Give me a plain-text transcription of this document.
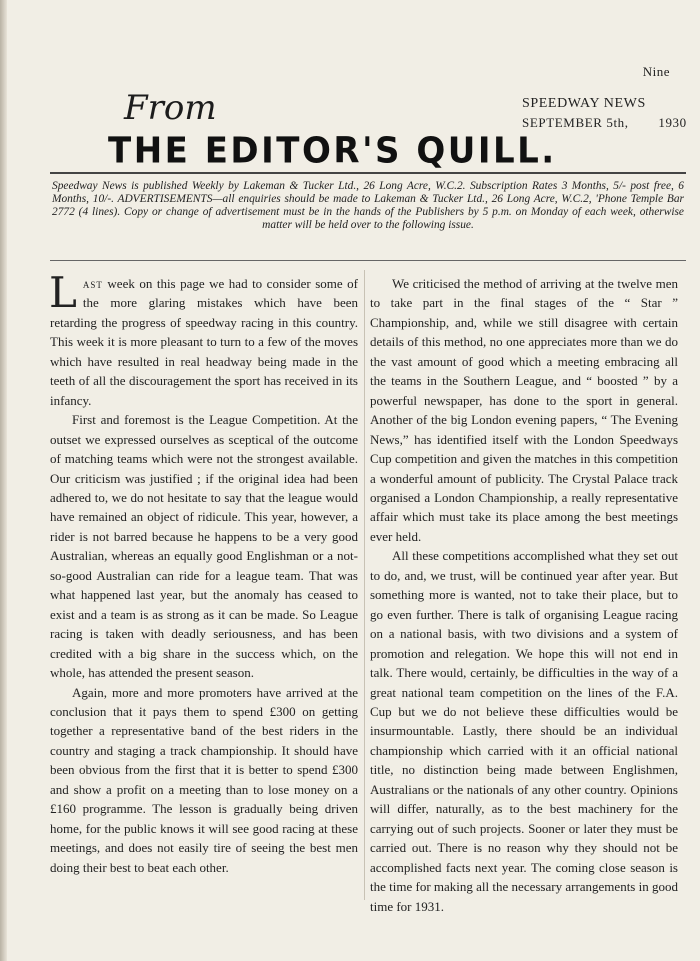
Nine
From	SPEEDWAY NEWS
SEPTEMBER 5th, 1930
THE EDITOR'S QUILL.
Speedway News is published Weekly by Lakeman & Tucker Ltd., 26 Long Acre, W.C.2. Subscription Rates 3 Months, 5/- post free, 6 Months, 10/-. ADVERTISEMENTS—all enquiries should be made to Lakeman & Tucker Ltd., 26 Long Acre, W.C.2, 'Phone Temple Bar 2772 (4 lines). Copy or change of advertisement must be in the hands of the Publishers by 5 p.m. on Monday of each week, otherwise matter will be held over to the following issue.

Last week on this page we had to consider some of the more glaring mistakes which have been retarding the progress of speedway racing in this country. This week it is more pleasant to turn to a few of the moves which have resulted in real headway being made in the teeth of all the discouragement the sport has received in its infancy.

First and foremost is the League Competition. At the outset we expressed ourselves as sceptical of the outcome of matching teams which were not the strongest available. Our criticism was justified ; if the original idea had been adhered to, we do not hesitate to say that the league would have remained an object of ridicule. This year, however, a rider is not barred because he happens to be a very good Australian, whereas an equally good Englishman or a not-so-good Australian can ride for a league team. That was what happened last year, but the anomaly has ceased to exist and a team is as strong as it can be made. So League racing is taken with deadly seriousness, and has been credited with a big share in the success which, on the whole, has attended the present season.

Again, more and more promoters have arrived at the conclusion that it pays them to spend £300 on getting together a representative band of the best riders in the country and staging a track championship. It should have been obvious from the first that it is better to spend £300 and show a profit on a meeting than to lose money on a £160 programme. The lesson is gradually being driven home, for the public knows it will see good racing at these meetings, and does not easily tire of seeing the best men doing their best to beat each other.

We criticised the method of arriving at the twelve men to take part in the final stages of the “ Star ” Championship, and, while we still disagree with certain details of this method, no one appreciates more than we do the vast amount of good which a meeting embracing all the teams in the Southern League, and “ boosted ” by a powerful newspaper, has done to the sport in general. Another of the big London evening papers, “ The Evening News,” has identified itself with the London Speedways Cup competition and given the matches in this competition a wonderful amount of publicity. The Crystal Palace track organised a London Championship, a really representative affair which must take its place among the best meetings ever held.

All these competitions accomplished what they set out to do, and, we trust, will be continued year after year. But something more is wanted, not to take their place, but to go even further. There is talk of organising League racing on a national basis, with two divisions and a system of promotion and relegation. We hope this will not end in talk. There would, certainly, be difficulties in the way of a great national team competition on the lines of the F.A. Cup but we do not believe these difficulties would be insurmountable. Lastly, there should be an individual championship which carried with it an official national title, no distinction being made between Englishmen, Australians or the nationals of any other country. Opinions will differ, naturally, as to the best machinery for the carrying out of such projects. Sooner or later they must be carried out. There is no reason why they should not be accomplished facts next year. The coming close season is the time for making all the necessary arrangements in good time for 1931.
